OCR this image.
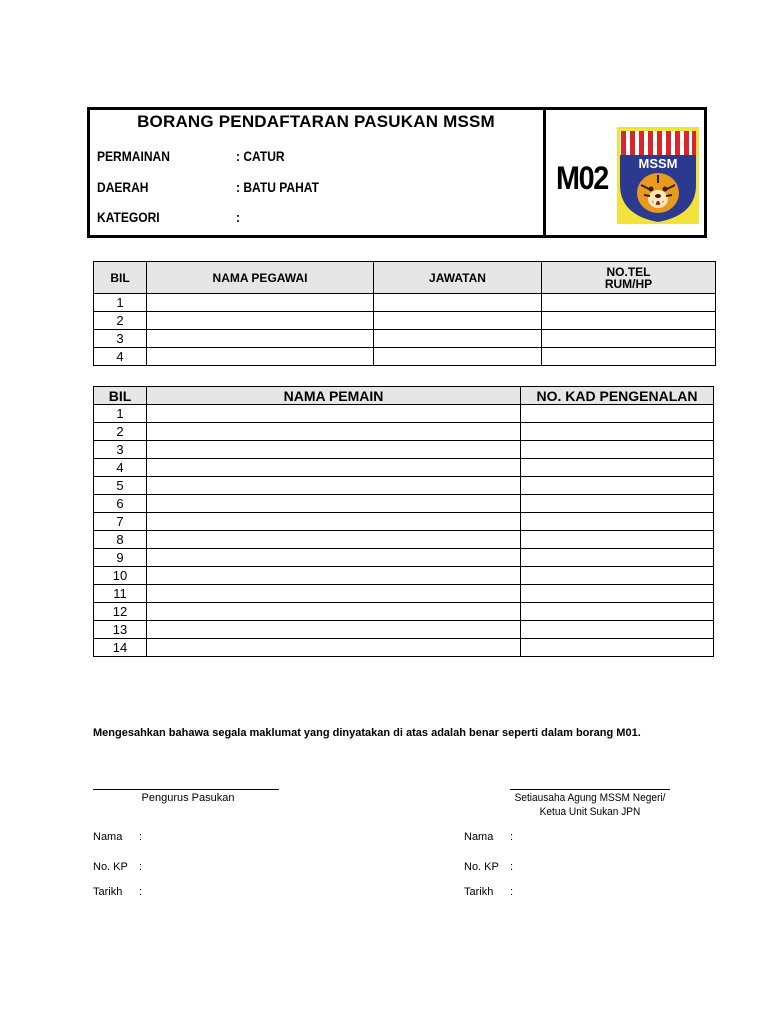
BORANG PENDAFTARAN PASUKAN MSSM
PERMAINAN	: CATUR
DAERAH	: BATU PAHAT
KATEGORI	:
M02 MSSM
BIL	NAMA PEGAWAI	JAWATAN	NO.TEL
RUM/HP
1			
2			
3			
4			
BIL	NAMA PEMAIN	NO. KAD PENGENALAN
1		
2		
3		
4		
5		
6		
7		
8		
9		
10		
11		
12		
13		
14		
Mengesahkan bahawa segala maklumat yang dinyatakan di atas adalah benar seperti dalam borang M01.
Pengurus Pasukan
Nama :
No. KP :
Tarikh :
Setiausaha Agung MSSM Negeri/
Ketua Unit Sukan JPN
Nama :
No. KP :
Tarikh :
